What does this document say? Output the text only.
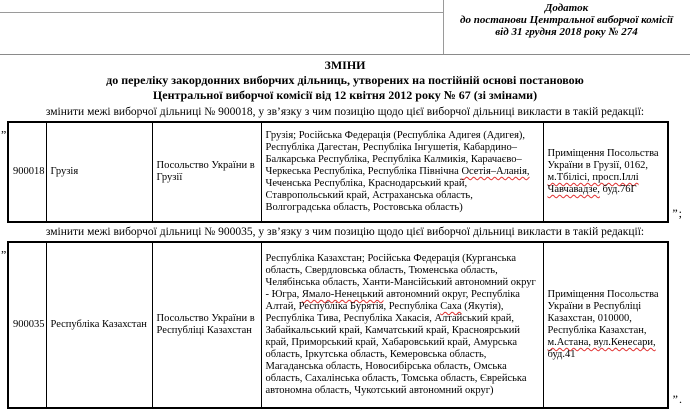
Додаток
до постанови Центральної виборчої комісії
від 31 грудня 2018 року № 274
ЗМІНИ
до переліку закордонних виборчих дільниць, утворених на постійній основі постановою
Центральної виборчої комісії від 12 квітня 2012 року № 67 (зі змінами)

змінити межі виборчої дільниці № 900018, у зв’язку з чим позицію щодо цієї виборчої дільниці викласти в такій редакції:

„
900018	Грузія	Посольство України в Грузії	Грузія; Російська Федерація (Республіка Адигея (Адигея), Республіка Дагестан, Республіка Інгушетія, Кабардино–Балкарська Республіка, Республіка Калмикія, Карачаєво–Черкеська Республіка, Республіка Північна Осетія–Аланія, Чеченська Республіка, Краснодарський край, Ставропольський край, Астраханська область, Волгоградська область, Ростовська область)	Приміщення Посольства України в Грузії, 0162, м.Тбілісі, просп.Іллі Чавчавадзе, буд.76Г
”;

змінити межі виборчої дільниці № 900035, у зв’язку з чим позицію щодо цієї виборчої дільниці викласти в такій редакції:

„
900035	Республіка Казахстан	Посольство України в Республіці Казахстан	Республіка Казахстан; Російська Федерація (Курганська область, Свердловська область, Тюменська область, Челябінська область, Ханти-Мансійський автономний округ - Югра, Ямало-Ненецький автономний округ, Республіка Алтай, Республіка Бурятія, Республіка Саха (Якутія), Республіка Тива, Республіка Хакасія, Алтайський край, Забайкальський край, Камчатський край, Красноярський край, Приморський край, Хабаровський край, Амурська область, Іркутська область, Кемеровська область, Магаданська область, Новосибірська область, Омська область, Сахалінська область, Томська область, Єврейська автономна область, Чукотський автономний округ)	Приміщення Посольства України в Республіці Казахстан, 010000, Республіка Казахстан, м.Астана, вул.Кенесари, буд.41
”.
